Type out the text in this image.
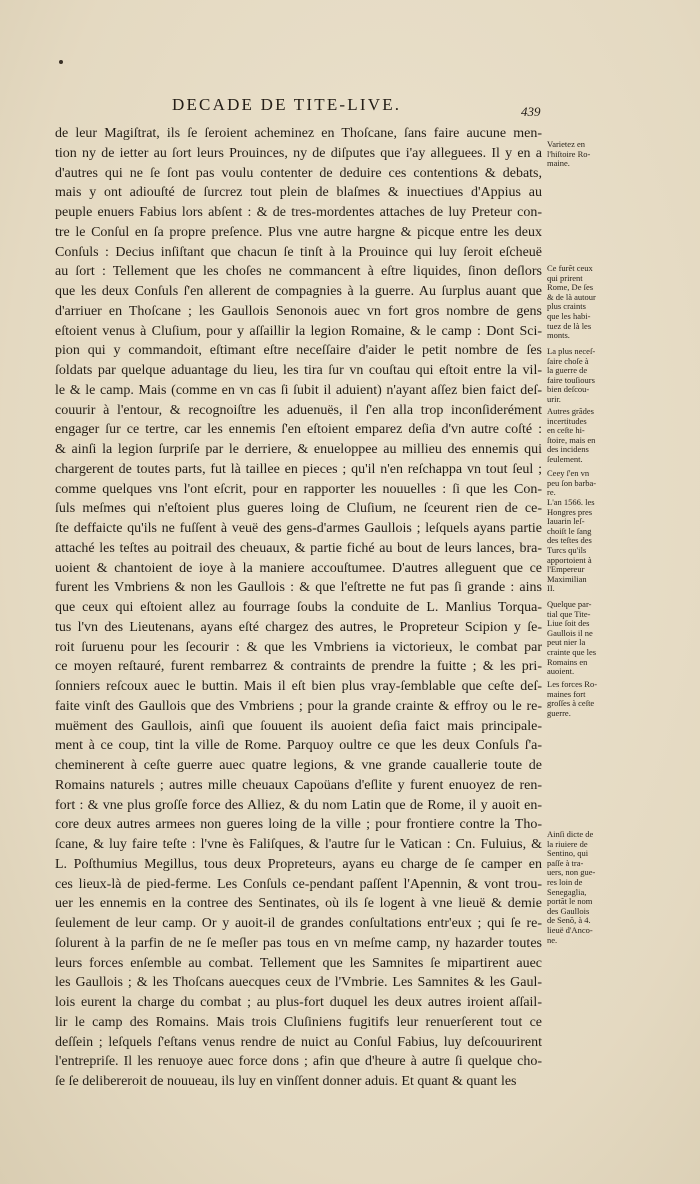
DECADE DE TITE-LIVE.	439
de leur Magiſtrat, ils ſe ſeroient acheminez en Thoſcane, ſans faire aucune men-
tion ny de ietter au ſort leurs Prouinces, ny de diſputes que i'ay alleguees. Il y en a
d'autres qui ne ſe ſont pas voulu contenter de deduire ces contentions & debats,
mais y ont adiouſté de ſurcrez tout plein de blaſmes & inuectiues d'Appius au
peuple enuers Fabius lors abſent : & de tres-mordentes attaches de luy Preteur con-
tre le Conſul en ſa propre preſence. Plus vne autre hargne & picque entre les deux
Conſuls : Decius inſiſtant que chacun ſe tinſt à la Prouince qui luy ſeroit eſcheuë
au ſort : Tellement que les choſes ne commancent à eſtre liquides, ſinon deſlors
que les deux Conſuls ſ'en allerent de compagnies à la guerre. Au ſurplus auant que
d'arriuer en Thoſcane ; les Gaullois Senonois auec vn fort gros nombre de gens
eſtoient venus à Cluſium, pour y aſſaillir la legion Romaine, & le camp : Dont Sci-
pion qui y commandoit, eſtimant eſtre neceſſaire d'aider le petit nombre de ſes
ſoldats par quelque aduantage du lieu, les tira ſur vn couſtau qui eſtoit entre la vil-
le & le camp. Mais (comme en vn cas ſi ſubit il aduient) n'ayant aſſez bien faict deſ-
couurir à l'entour, & recognoiſtre les aduenuës, il ſ'en alla trop inconſiderément
engager ſur ce tertre, car les ennemis ſ'en eſtoient emparez deſia d'vn autre coſté :
& ainſi la legion ſurpriſe par le derriere, & enueloppee au millieu des ennemis qui
chargerent de toutes parts, fut là taillee en pieces ; qu'il n'en reſchappa vn tout ſeul ;
comme quelques vns l'ont eſcrit, pour en rapporter les nouuelles : ſi que les Con-
ſuls meſmes qui n'eſtoient plus gueres loing de Cluſium, ne ſceurent rien de ce-
ſte deffaicte qu'ils ne fuſſent à veuë des gens-d'armes Gaullois ; leſquels ayans partie
attaché les teſtes au poitrail des cheuaux, & partie fiché au bout de leurs lances, bra-
uoient & chantoient de ioye à la maniere accouſtumee. D'autres alleguent que ce
furent les Vmbriens & non les Gaullois : & que l'eſtrette ne fut pas ſi grande : ains
que ceux qui eſtoient allez au fourrage ſoubs la conduite de L. Manlius Torqua-
tus l'vn des Lieutenans, ayans eſté chargez des autres, le Propreteur Scipion y ſe-
roit ſuruenu pour les ſecourir : & que les Vmbriens ia victorieux, le combat par
ce moyen reſtauré, furent rembarrez & contraints de prendre la fuitte ; & les pri-
ſonniers reſcoux auec le buttin. Mais il eſt bien plus vray-ſemblable que ceſte deſ-
faite vinſt des Gaullois que des Vmbriens ; pour la grande crainte & effroy ou le re-
muëment des Gaullois, ainſi que ſouuent ils auoient deſia faict mais principale-
ment à ce coup, tint la ville de Rome. Parquoy oultre ce que les deux Conſuls ſ'a-
cheminerent à ceſte guerre auec quatre legions, & vne grande cauallerie toute de
Romains naturels ; autres mille cheuaux Capoüans d'eſlite y furent enuoyez de ren-
fort : & vne plus groſſe force des Alliez, & du nom Latin que de Rome, il y auoit en-
core deux autres armees non gueres loing de la ville ; pour frontiere contre la Tho-
ſcane, & luy faire teſte : l'vne ès Faliſques, & l'autre ſur le Vatican : Cn. Fuluius, &
L. Poſthumius Megillus, tous deux Propreteurs, ayans eu charge de ſe camper en
ces lieux-là de pied-ferme. Les Conſuls ce-pendant paſſent l'Apennin, & vont trou-
uer les ennemis en la contree des Sentinates, où ils ſe logent à vne lieuë & demie
ſeulement de leur camp. Or y auoit-il de grandes conſultations entr'eux ; qui ſe re-
ſolurent à la parfin de ne ſe meſler pas tous en vn meſme camp, ny hazarder toutes
leurs forces enſemble au combat. Tellement que les Samnites ſe mipartirent auec
les Gaullois ; & les Thoſcans auecques ceux de l'Vmbrie. Les Samnites & les Gaul-
lois eurent la charge du combat ; au plus-fort duquel les deux autres iroient aſſail-
lir le camp des Romains. Mais trois Cluſiniens fugitifs leur renuerſerent tout ce
deſſein ; leſquels ſ'eſtans venus rendre de nuict au Conſul Fabius, luy deſcouurirent
l'entrepriſe. Il les renuoye auec force dons ; afin que d'heure à autre ſi quelque cho-
ſe ſe delibereroit de nouueau, ils luy en vinſſent donner aduis. Et quant & quant les
Varietez en
l'hiſtoire Ro-
maine.
Ce furẽt ceux
qui prirent
Rome, De ſes
& de là autour
plus craints
que les habi-
tuez de là les
monts.
La plus neceſ-
ſaire choſe à
la guerre de
faire touſiours
bien deſcou-
urir.
Autres grãdes
incertitudes
en ceſte hi-
ſtoire, mais en
des incidens
ſeulement.
Ceey ſ'en vn
peu ſon barba-
re.
L'an 1566. les
Hongres pres
Iauarin leſ-
choiſt le ſang
des teſtes des
Turcs qu'ils
apportoient à
l'Empereur
Maximilian
II.
Quelque par-
tial que Tite-
Liue ſoit des
Gaullois il ne
peut nier la
crainte que les
Romains en
auoient.
Les forces Ro-
maines fort
groſſes à ceſte
guerre.
Ainſi dicte de
la riuiere de
Sentino, qui
paſſe à tra-
uers, non gue-
res loin de
Senegaglia,
portãt le nom
des Gaullois
de Senõ, à 4.
lieuë d'Anco-
ne.
